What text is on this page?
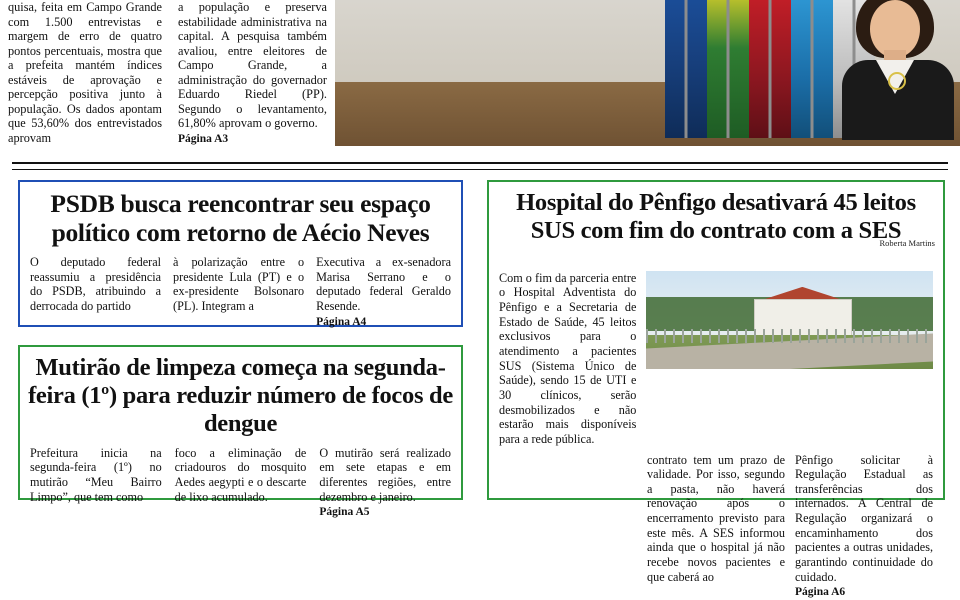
quisa, feita em Campo Grande com 1.500 entrevistas e margem de erro de quatro pontos percentuais, mostra que a prefeita mantém índices estáveis de aprovação e percepção positiva junto à população. Os dados apontam que 53,60% dos entrevistados aprovam

a população e preserva estabilidade administrativa na capital. A pesquisa também avaliou, entre eleitores de Campo Grande, a administração do governador Eduardo Riedel (PP). Segundo o levantamento, 61,80% aprovam o governo.

Página A3
PSDB busca reencontrar seu espaço político com retorno de Aécio Neves

O deputado federal reassumiu a presidência do PSDB, atribuindo a derrocada do partido

à polarização entre o presidente Lula (PT) e o ex-presidente Bolsonaro (PL). Integram a

Executiva a ex-senadora Marisa Serrano e o deputado federal Geraldo Resende.

Página A4
Hospital do Pênfigo desativará 45 leitos SUS com fim do contrato com a SES
Roberta Martins
Com o fim da parceria entre o Hospital Adventista do Pênfigo e a Secretaria de Estado de Saúde, 45 leitos exclusivos para o atendimento a pacientes SUS (Sistema Único de Saúde), sendo 15 de UTI e 30 clínicos, serão desmobilizados e não estarão mais disponíveis para a rede pública.

contrato tem um prazo de validade. Por isso, segundo a pasta, não haverá renovação após o encerramento previsto para este mês. A SES informou ainda que o hospital já não recebe novos pacientes e que caberá ao

Pênfigo solicitar à Regulação Estadual as transferências dos internados. A Central de Regulação organizará o encaminhamento dos pacientes a outras unidades, garantindo continuidade do cuidado.

Página A6
Mutirão de limpeza começa na segunda-feira (1º) para reduzir número de focos de dengue

Prefeitura inicia na segunda-feira (1º) no mutirão “Meu Bairro Limpo”, que tem como

foco a eliminação de criadouros do mosquito Aedes aegypti e o descarte de lixo acumulado.

O mutirão será realizado em sete etapas e em diferentes regiões, entre dezembro e janeiro.

Página A5
